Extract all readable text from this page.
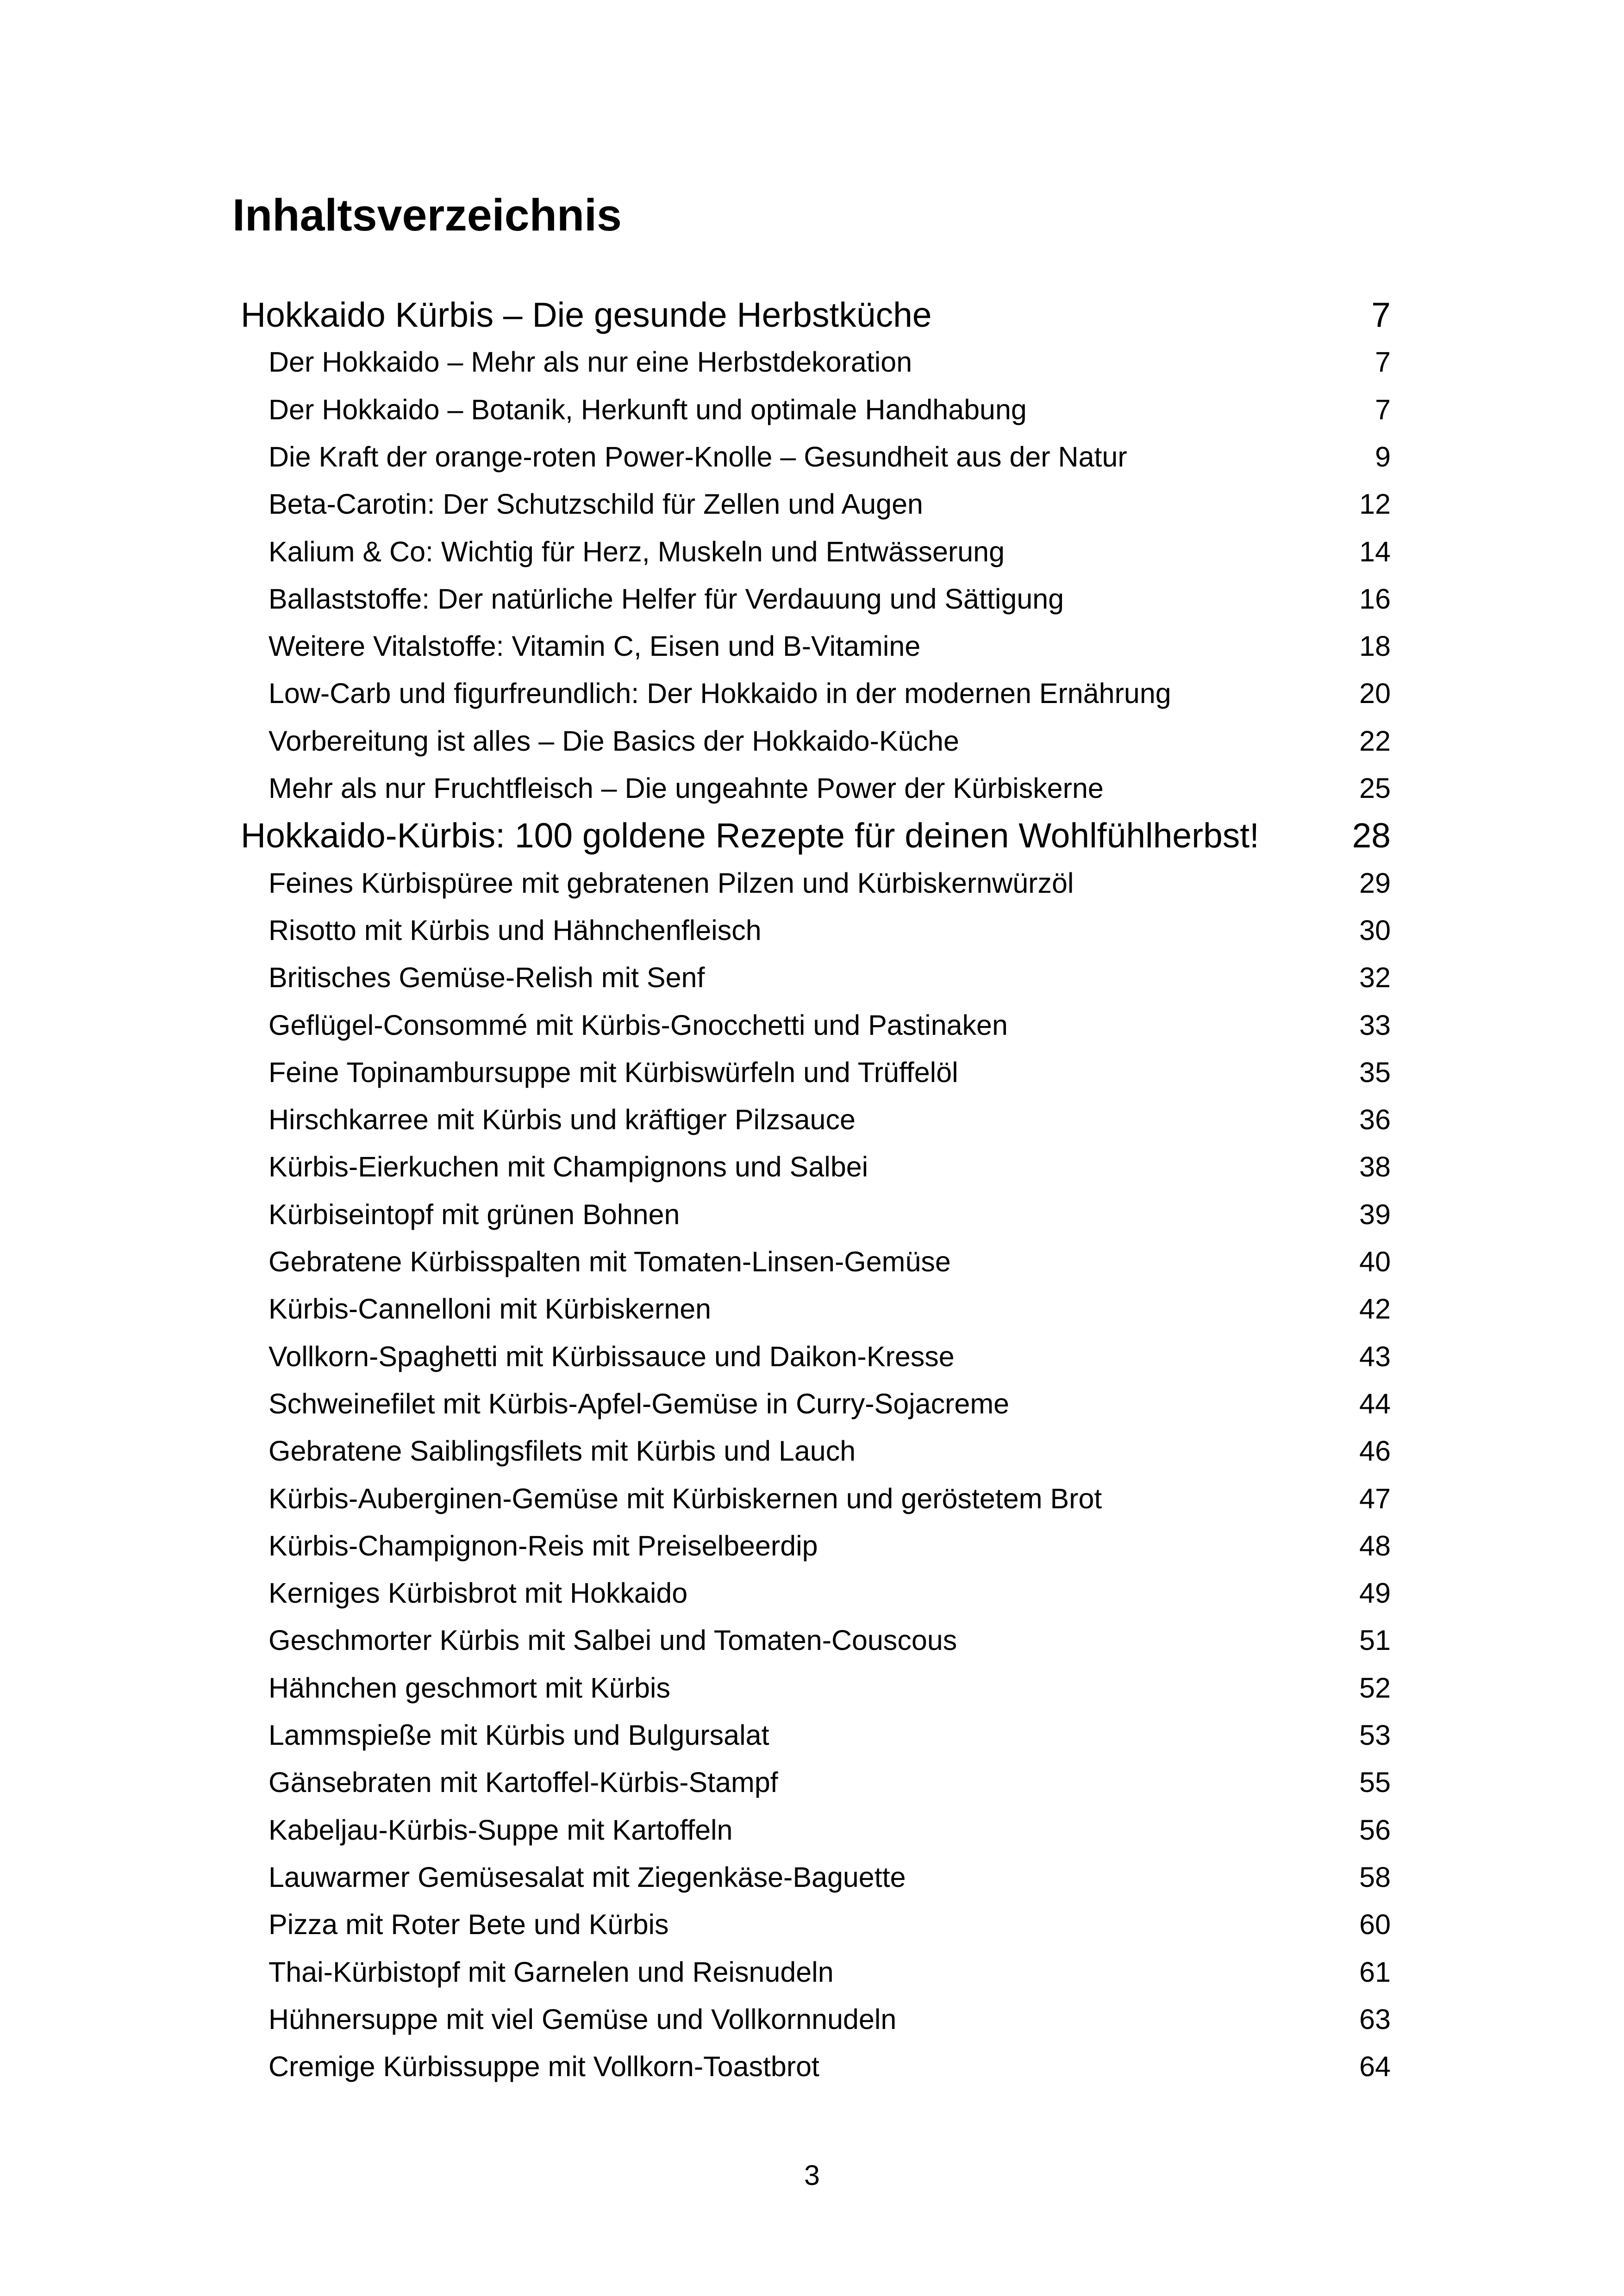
Inhaltsverzeichnis
Hokkaido Kürbis – Die gesunde Herbstküche	7
Der Hokkaido – Mehr als nur eine Herbstdekoration	7
Der Hokkaido – Botanik, Herkunft und optimale Handhabung	7
Die Kraft der orange-roten Power-Knolle – Gesundheit aus der Natur	9
Beta-Carotin: Der Schutzschild für Zellen und Augen	12
Kalium & Co: Wichtig für Herz, Muskeln und Entwässerung	14
Ballaststoffe: Der natürliche Helfer für Verdauung und Sättigung	16
Weitere Vitalstoffe: Vitamin C, Eisen und B-Vitamine	18
Low-Carb und figurfreundlich: Der Hokkaido in der modernen Ernährung	20
Vorbereitung ist alles – Die Basics der Hokkaido-Küche	22
Mehr als nur Fruchtfleisch – Die ungeahnte Power der Kürbiskerne	25
Hokkaido-Kürbis: 100 goldene Rezepte für deinen Wohlfühlherbst!	28
Feines Kürbispüree mit gebratenen Pilzen und Kürbiskernwürzöl	29
Risotto mit Kürbis und Hähnchenfleisch	30
Britisches Gemüse-Relish mit Senf	32
Geflügel-Consommé mit Kürbis-Gnocchetti und Pastinaken	33
Feine Topinambursuppe mit Kürbiswürfeln und Trüffelöl	35
Hirschkarree mit Kürbis und kräftiger Pilzsauce	36
Kürbis-Eierkuchen mit Champignons und Salbei	38
Kürbiseintopf mit grünen Bohnen	39
Gebratene Kürbisspalten mit Tomaten-Linsen-Gemüse	40
Kürbis-Cannelloni mit Kürbiskernen	42
Vollkorn-Spaghetti mit Kürbissauce und Daikon-Kresse	43
Schweinefilet mit Kürbis-Apfel-Gemüse in Curry-Sojacreme	44
Gebratene Saiblingsfilets mit Kürbis und Lauch	46
Kürbis-Auberginen-Gemüse mit Kürbiskernen und geröstetem Brot	47
Kürbis-Champignon-Reis mit Preiselbeerdip	48
Kerniges Kürbisbrot mit Hokkaido	49
Geschmorter Kürbis mit Salbei und Tomaten-Couscous	51
Hähnchen geschmort mit Kürbis	52
Lammspieße mit Kürbis und Bulgursalat	53
Gänsebraten mit Kartoffel-Kürbis-Stampf	55
Kabeljau-Kürbis-Suppe mit Kartoffeln	56
Lauwarmer Gemüsesalat mit Ziegenkäse-Baguette	58
Pizza mit Roter Bete und Kürbis	60
Thai-Kürbistopf mit Garnelen und Reisnudeln	61
Hühnersuppe mit viel Gemüse und Vollkornnudeln	63
Cremige Kürbissuppe mit Vollkorn-Toastbrot	64
3
